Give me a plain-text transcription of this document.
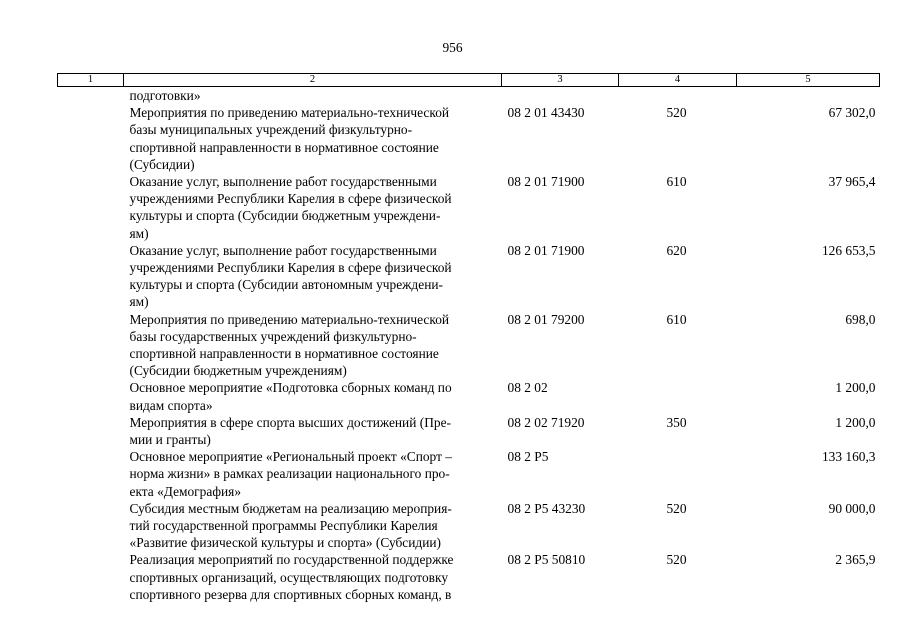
956
1	2	3	4	5

	подготовки»			

	Мероприятия по приведению материально-технической
базы муниципальных учреждений физкультурно-
спортивной направленности в нормативное состояние
(Субсидии)	08 2 01 43430	520	67 302,0

	Оказание услуг, выполнение работ государственными
учреждениями Республики Карелия в сфере физической
культуры и спорта (Субсидии бюджетным учреждени-
ям)	08 2 01 71900	610	37 965,4

	Оказание услуг, выполнение работ государственными
учреждениями Республики Карелия в сфере физической
культуры и спорта (Субсидии автономным учреждени-
ям)	08 2 01 71900	620	126 653,5

	Мероприятия по приведению материально-технической
базы государственных учреждений физкультурно-
спортивной направленности в нормативное состояние
(Субсидии бюджетным учреждениям)	08 2 01 79200	610	698,0

	Основное мероприятие «Подготовка сборных команд по
видам спорта»	08 2 02		1 200,0

	Мероприятия в сфере спорта высших достижений (Пре-
мии и гранты)	08 2 02 71920	350	1 200,0

	Основное мероприятие «Региональный проект «Спорт –
норма жизни» в рамках реализации национального про-
екта «Демография»	08 2 P5		133 160,3

	Субсидия местным бюджетам на реализацию мероприя-
тий государственной программы Республики Карелия
«Развитие физической культуры и спорта» (Субсидии)	08 2 P5 43230	520	90 000,0

	Реализация мероприятий по государственной поддержке
спортивных организаций, осуществляющих подготовку
спортивного резерва для спортивных сборных команд, в	08 2 P5 50810	520	2 365,9
